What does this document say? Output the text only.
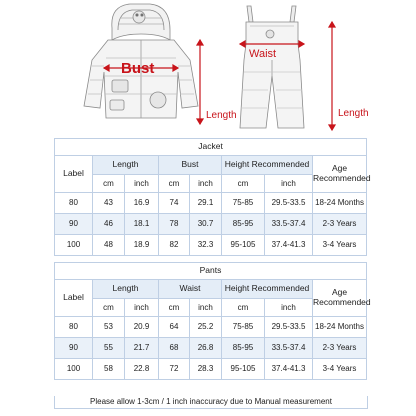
Bust
Length
Waist
Length
Jacket							
Label	Length		Bust		Height Recommended		Age Recommended
	cm	inch	cm	inch	cm	inch	
80	43	16.9	74	29.1	75-85	29.5-33.5	18-24 Months
90	46	18.1	78	30.7	85-95	33.5-37.4	2-3 Years
100	48	18.9	82	32.3	95-105	37.4-41.3	3-4 Years
Pants							
Label	Length		Waist		Height Recommended		Age Recommended
	cm	inch	cm	inch	cm	inch	
80	53	20.9	64	25.2	75-85	29.5-33.5	18-24 Months
90	55	21.7	68	26.8	85-95	33.5-37.4	2-3 Years
100	58	22.8	72	28.3	95-105	37.4-41.3	3-4 Years
Please allow 1-3cm / 1 inch inaccuracy due to Manual measurement
